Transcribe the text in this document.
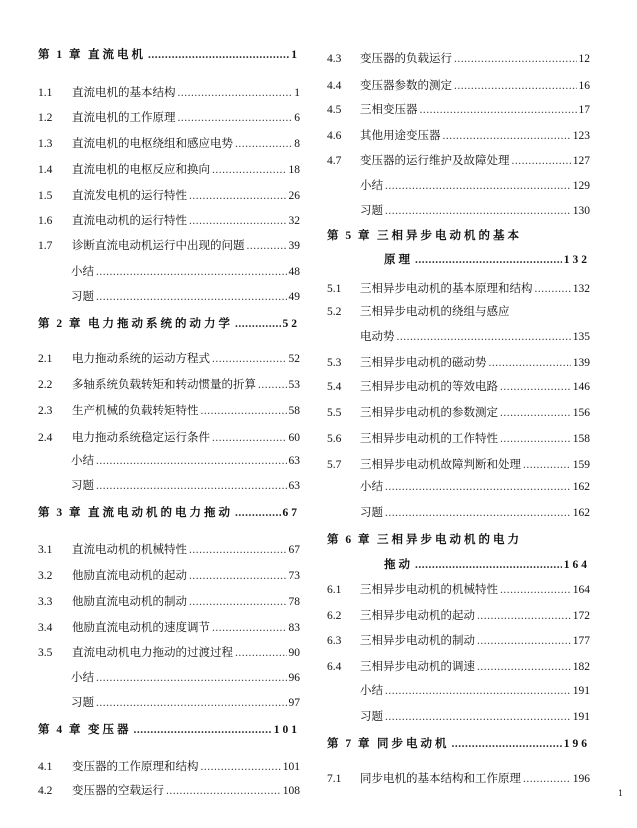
第 1 章 直流电机 .....	1
1.1	直流电机的基本结构 .....	1
1.2	直流电机的工作原理 .....	6
1.3	直流电机的电枢绕组和感应电势 .....	8
1.4	直流电机的电枢反应和换向 .....	18
1.5	直流发电机的运行特性 .....	26
1.6	直流电动机的运行特性 .....	32
1.7	诊断直流电动机运行中出现的问题 .....	39
小结 .....	48
习题 .....	49
第 2 章 电力拖动系统的动力学 .....	52
2.1	电力拖动系统的运动方程式 .....	52
2.2	多轴系统负载转矩和转动惯量的折算 .....	53
2.3	生产机械的负载转矩特性 .....	58
2.4	电力拖动系统稳定运行条件 .....	60
小结 .....	63
习题 .....	63
第 3 章 直流电动机的电力拖动 .....	67
3.1	直流电动机的机械特性 .....	67
3.2	他励直流电动机的起动 .....	73
3.3	他励直流电动机的制动 .....	78
3.4	他励直流电动机的速度调节 .....	83
3.5	直流电动机电力拖动的过渡过程 .....	90
小结 .....	96
习题 .....	97
第 4 章 变压器 .....	101
4.1	变压器的工作原理和结构 .....	101
4.2	变压器的空载运行 .....	108
4.3	变压器的负载运行 .....	12
4.4	变压器参数的测定 .....	16
4.5	三相变压器 .....	17
4.6	其他用途变压器 .....	123
4.7	变压器的运行维护及故障处理 .....	127
小结 .....	129
习题 .....	130
第 5 章 三相异步电动机的基本
原理 .....	132
5.1	三相异步电动机的基本原理和结构 .....	132
5.2	三相异步电动机的绕组与感应
电动势 .....	135
5.3	三相异步电动机的磁动势 .....	139
5.4	三相异步电动机的等效电路 .....	146
5.5	三相异步电动机的参数测定 .....	156
5.6	三相异步电动机的工作特性 .....	158
5.7	三相异步电动机故障判断和处理 .....	159
小结 .....	162
习题 .....	162
第 6 章 三相异步电动机的电力
拖动 .....	164
6.1	三相异步电动机的机械特性 .....	164
6.2	三相异步电动机的起动 .....	172
6.3	三相异步电动机的制动 .....	177
6.4	三相异步电动机的调速 .....	182
小结 .....	191
习题 .....	191
第 7 章 同步电动机 .....	196
7.1	同步电机的基本结构和工作原理 .....	196
1
